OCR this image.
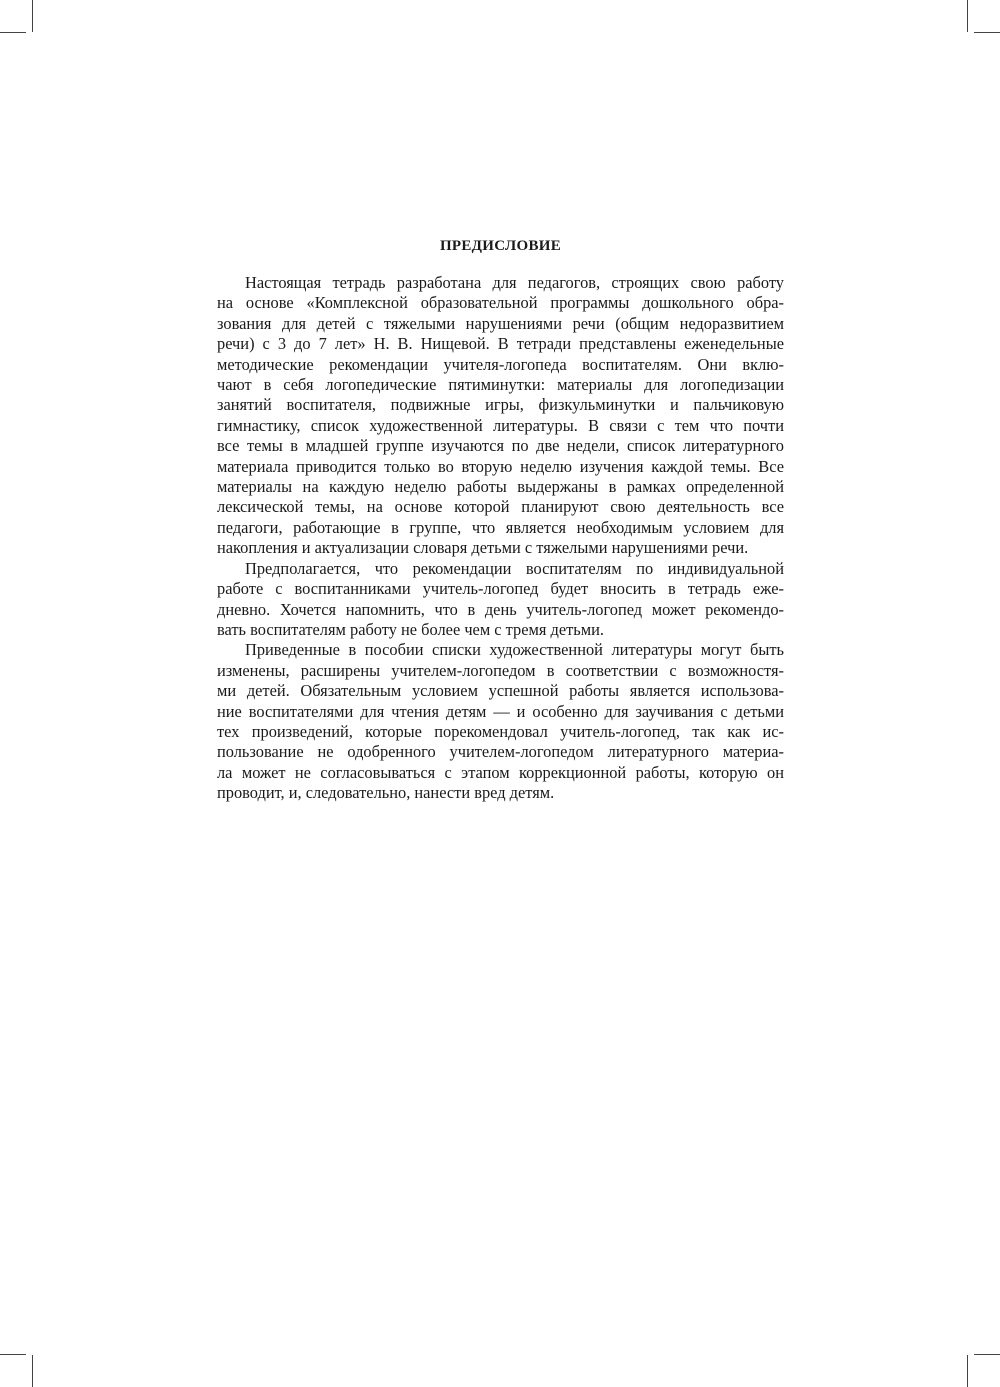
ПРЕДИСЛОВИЕ

Настоящая тетрадь разработана для педагогов, строящих свою работу
на основе «Комплексной образовательной программы дошкольного обра-
зования для детей с тяжелыми нарушениями речи (общим недоразвитием
речи) с 3 до 7 лет» Н. В. Нищевой. В тетради представлены еженедельные
методические рекомендации учителя-логопеда воспитателям. Они вклю-
чают в себя логопедические пятиминутки: материалы для логопедизации
занятий воспитателя, подвижные игры, физкульминутки и пальчиковую
гимнастику, список художественной литературы. В связи с тем что почти
все темы в младшей группе изучаются по две недели, список литературного
материала приводится только во вторую неделю изучения каждой темы. Все
материалы на каждую неделю работы выдержаны в рамках определенной
лексической темы, на основе которой планируют свою деятельность все
педагоги, работающие в группе, что является необходимым условием для
накопления и актуализации словаря детьми с тяжелыми нарушениями речи.

Предполагается, что рекомендации воспитателям по индивидуальной
работе с воспитанниками учитель-логопед будет вносить в тетрадь еже-
дневно. Хочется напомнить, что в день учитель-логопед может рекомендо-
вать воспитателям работу не более чем с тремя детьми.

Приведенные в пособии списки художественной литературы могут быть
изменены, расширены учителем-логопедом в соответствии с возможностя-
ми детей. Обязательным условием успешной работы является использова-
ние воспитателями для чтения детям — и особенно для заучивания с детьми
тех произведений, которые порекомендовал учитель-логопед, так как ис-
пользование не одобренного учителем-логопедом литературного материа-
ла может не согласовываться с этапом коррекционной работы, которую он
проводит, и, следовательно, нанести вред детям.
